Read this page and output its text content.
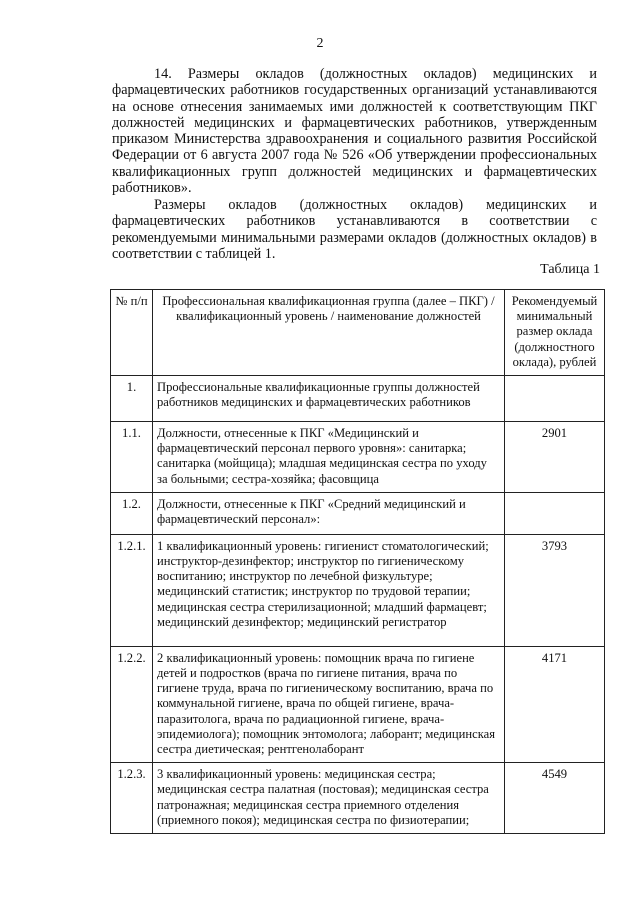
2
14. Размеры окладов (должностных окладов) медицинских и фармацевтических работников государственных организаций устанавливаются на основе отнесения занимаемых ими должностей к соответствующим ПКГ должностей медицинских и фармацевтических работников, утвержденным приказом Министерства здравоохранения и социального развития Российской Федерации от 6 августа 2007 года № 526 «Об утверждении профессиональных квалификационных групп должностей медицинских и фармацевтических работников».
Размеры окладов (должностных окладов) медицинских и фармацевтических работников устанавливаются в соответствии с рекомендуемыми минимальными размерами окладов (должностных окладов) в соответствии с таблицей 1.
Таблица 1
№ п/п	Профессиональная квалификационная группа (далее – ПКГ) / квалификационный уровень / наименование должностей	Рекомендуемый минимальный размер оклада (должностного оклада), рублей
1.	Профессиональные квалификационные группы должностей работников медицинских и фармацевтических работников	
1.1.	Должности, отнесенные к ПКГ «Медицинский и фармацевтический персонал первого уровня»: санитарка; санитарка (мойщица); младшая медицинская сестра по уходу за больными; сестра-хозяйка; фасовщица	2901
1.2.	Должности, отнесенные к ПКГ «Средний медицинский и фармацевтический персонал»:	
1.2.1.	1 квалификационный уровень: гигиенист стоматологический; инструктор-дезинфектор; инструктор по гигиеническому воспитанию; инструктор по лечебной физкультуре; медицинский статистик; инструктор по трудовой терапии; медицинская сестра стерилизационной; младший фармацевт; медицинский дезинфектор; медицинский регистратор	3793
1.2.2.	2 квалификационный уровень: помощник врача по гигиене детей и подростков (врача по гигиене питания, врача по гигиене труда, врача по гигиеническому воспитанию, врача по коммунальной гигиене, врача по общей гигиене, врача-паразитолога, врача по радиационной гигиене, врача-эпидемиолога); помощник энтомолога; лаборант; медицинская сестра диетическая; рентгенолаборант	4171
1.2.3.	3 квалификационный уровень: медицинская сестра; медицинская сестра палатная (постовая); медицинская сестра патронажная; медицинская сестра приемного отделения (приемного покоя); медицинская сестра по физиотерапии;	4549
